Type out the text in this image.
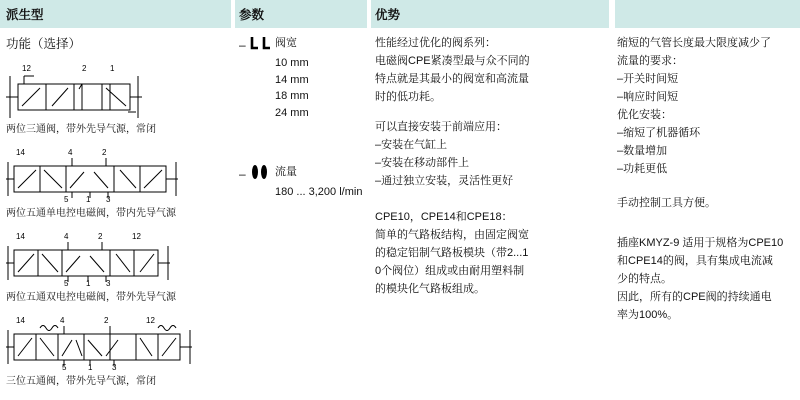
派生型	参数	优势
功能（选择）
12	2	1
两位三通阀，带外先导气源，常闭
14	4	2
5 1 3
两位五通单电控电磁阀，带内先导气源
14	4	2	12
5 1 3
两位五通双电控电磁阀，带外先导气源
14	4	2	12
5	1 3
三位五通阀，带外先导气源，常闭
–	阀宽
10 mm
14 mm
18 mm
24 mm
–	流量
180 ... 3,200 l/min
性能经过优化的阀系列：
电磁阀CPE紧凑型最与众不同的
特点就是其最小的阀宽和高流量
时的低功耗。
可以直接安装于前端应用：
–安装在气缸上
–安装在移动部件上
–通过独立安装，灵活性更好
CPE10，CPE14和CPE18：
简单的气路板结构，由固定阀宽
的稳定铝制气路板模块（带2...1
0个阀位）组成或由耐用塑料制
的模块化气路板组成。
缩短的气管长度最大限度减少了
流量的要求：
–开关时间短
–响应时间短
优化安装：
–缩短了机器循环
–数量增加
–功耗更低
手动控制工具方便。
插座KMYZ-9 适用于规格为CPE10
和CPE14的阀，具有集成电流减
少的特点。
因此，所有的CPE阀的持续通电
率为100%。
